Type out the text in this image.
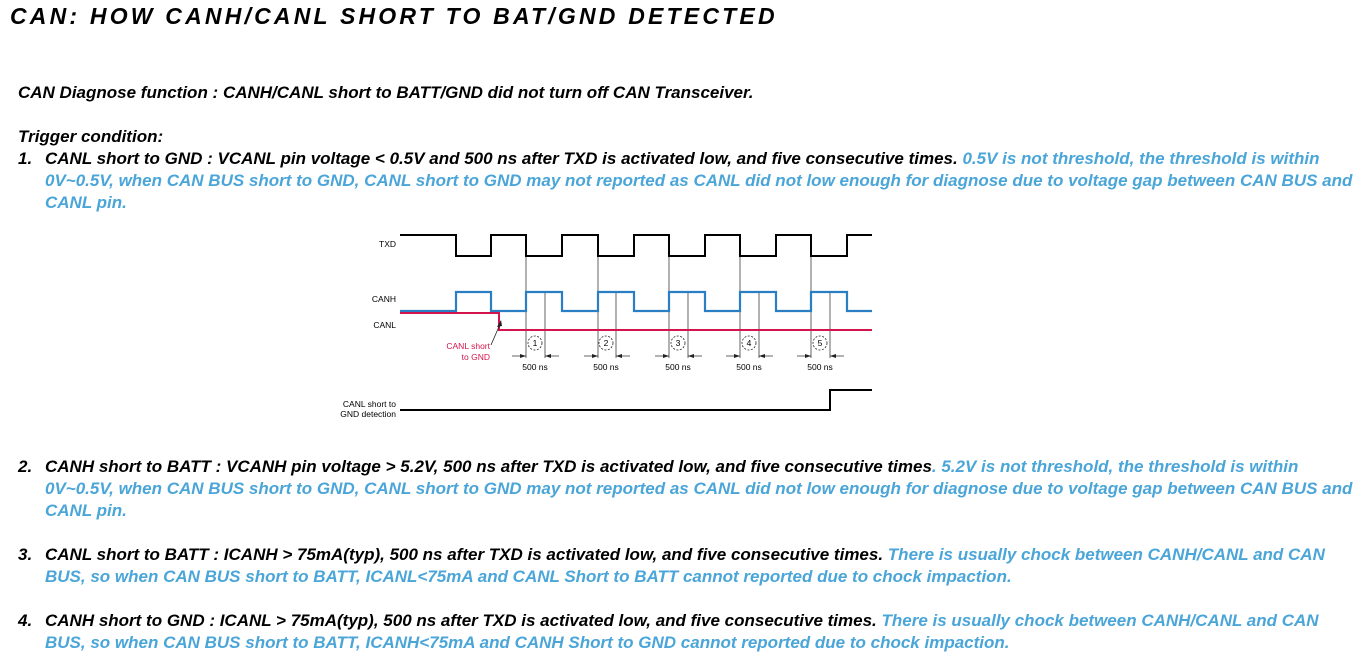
CAN: HOW CANH/CANL SHORT TO BAT/GND DETECTED
CAN Diagnose function : CANH/CANL short to BATT/GND did not turn off CAN Transceiver.
Trigger condition:
1. CANL short to GND : VCANL pin voltage < 0.5V and 500 ns after TXD is activated low, and five consecutive times. 0.5V is not threshold, the threshold is within 0V~0.5V, when CAN BUS short to GND, CANL short to GND may not reported as CANL did not low enough for diagnose due to voltage gap between CAN BUS and CANL pin.
TXD
CANH
CANL
CANL short to
GND detection
CANL short
to GND
1
500 ns
2
500 ns
3
500 ns
4
500 ns
5
500 ns
2. CANH short to BATT : VCANH pin voltage > 5.2V, 500 ns after TXD is activated low, and five consecutive times. 5.2V is not threshold, the threshold is within 0V~0.5V, when CAN BUS short to GND, CANL short to GND may not reported as CANL did not low enough for diagnose due to voltage gap between CAN BUS and CANL pin.
3. CANL short to BATT : ICANH > 75mA(typ), 500 ns after TXD is activated low, and five consecutive times. There is usually chock between CANH/CANL and CAN BUS, so when CAN BUS short to BATT, ICANL<75mA and CANL Short to BATT cannot reported due to chock impaction.
4. CANH short to GND : ICANL > 75mA(typ), 500 ns after TXD is activated low, and five consecutive times. There is usually chock between CANH/CANL and CAN BUS, so when CAN BUS short to BATT, ICANH<75mA and CANH Short to GND cannot reported due to chock impaction.
